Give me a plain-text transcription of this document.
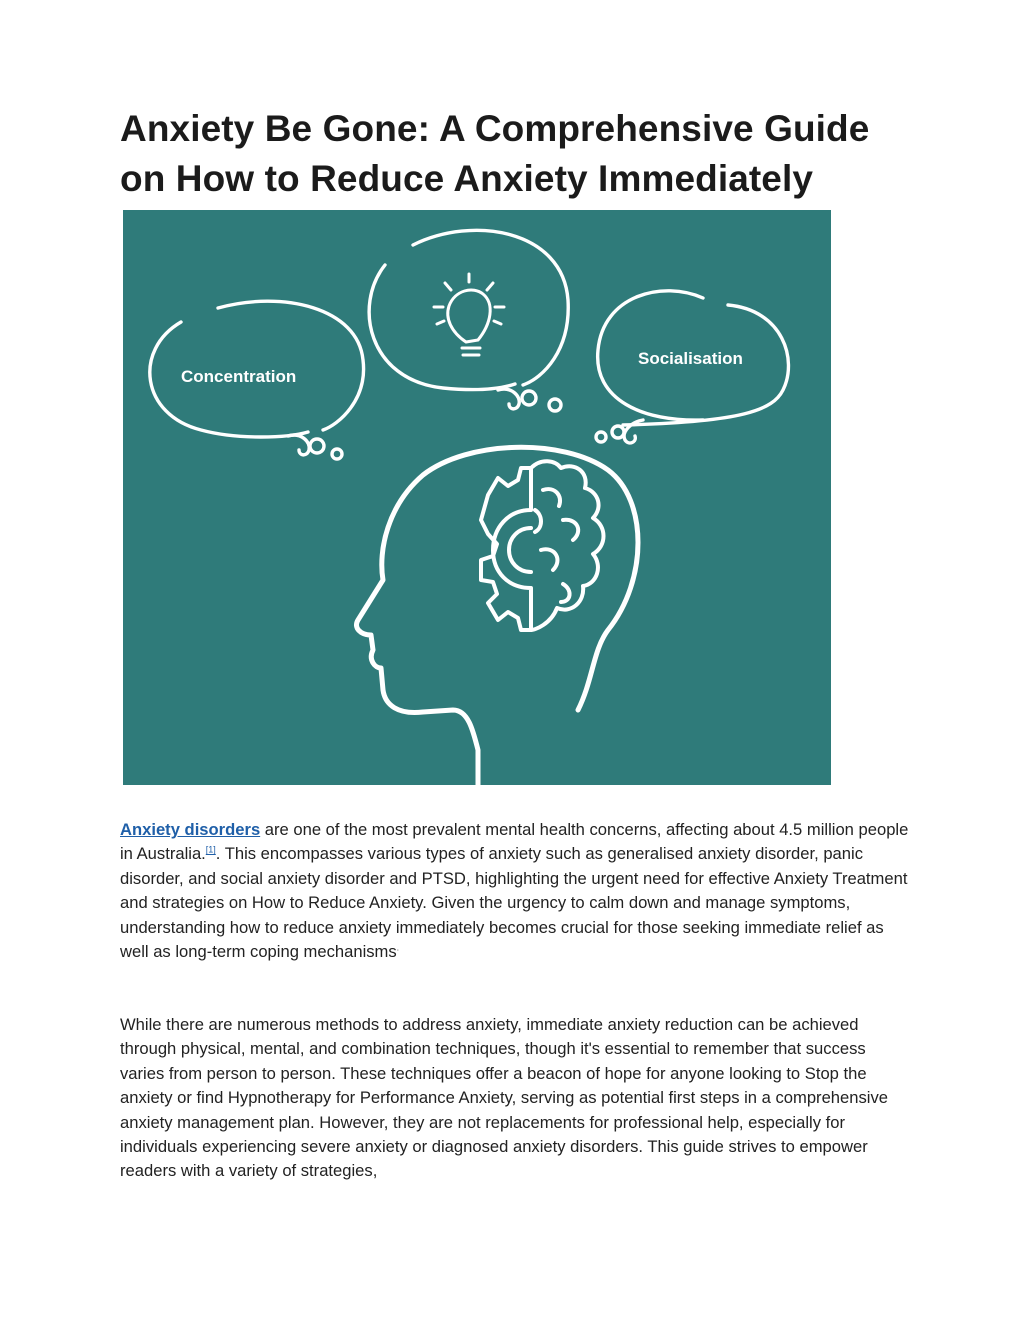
Anxiety Be Gone: A Comprehensive Guide on How to Reduce Anxiety Immediately
Concentration
Socialisation

Anxiety disorders are one of the most prevalent mental health concerns, affecting about 4.5 million people in Australia.[1]. This encompasses various types of anxiety such as generalised anxiety disorder, panic disorder, and social anxiety disorder and PTSD, highlighting the urgent need for effective Anxiety Treatment and strategies on How to Reduce Anxiety. Given the urgency to calm down and manage symptoms, understanding how to reduce anxiety immediately becomes crucial for those seeking immediate relief as well as long-term coping mechanisms.

While there are numerous methods to address anxiety, immediate anxiety reduction can be achieved through physical, mental, and combination techniques, though it's essential to remember that success varies from person to person. These techniques offer a beacon of hope for anyone looking to Stop the anxiety or find Hypnotherapy for Performance Anxiety, serving as potential first steps in a comprehensive anxiety management plan. However, they are not replacements for professional help, especially for individuals experiencing severe anxiety or diagnosed anxiety disorders. This guide strives to empower readers with a variety of strategies,
